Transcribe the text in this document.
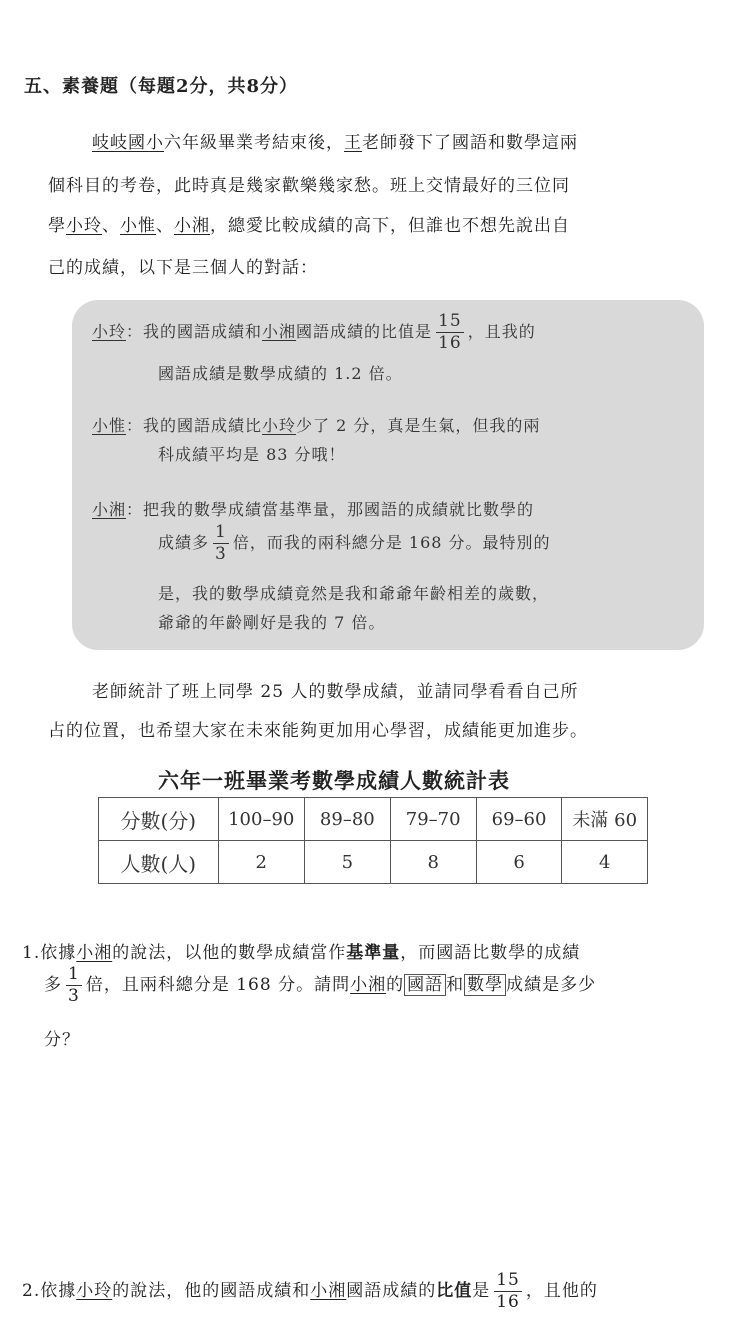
五、素養題（每題2分，共8分）
岐岐國小六年級畢業考結束後，王老師發下了國語和數學這兩
個科目的考卷，此時真是幾家歡樂幾家愁。班上交情最好的三位同
學小玲、小惟、小湘，總愛比較成績的高下，但誰也不想先說出自
己的成績，以下是三個人的對話：
小玲：我的國語成績和小湘國語成績的比值是 $\frac{15}{16}$ ，且我的
國語成績是數學成績的 1.2 倍。
小惟：我的國語成績比小玲少了 2 分，真是生氣，但我的兩
科成績平均是 83 分哦！
小湘：把我的數學成績當基準量，那國語的成績就比數學的
成績多 $\frac{1}{3}$ 倍，而我的兩科總分是 168 分。最特別的
是，我的數學成績竟然是我和爺爺年齡相差的歲數，
爺爺的年齡剛好是我的 7 倍。
老師統計了班上同學 25 人的數學成績，並請同學看看自己所
占的位置，也希望大家在未來能夠更加用心學習，成績能更加進步。
六年一班畢業考數學成績人數統計表
分數(分)	100–90	89–80	79–70	69–60	未滿 60
人數(人)	2	5	8	6	4
1.依據小湘的說法，以他的數學成績當作基準量，而國語比數學的成績
多 $\frac{1}{3}$ 倍，且兩科總分是 168 分。請問小湘的 國語 和 數學 成績是多少
分？
2.依據小玲的說法，他的國語成績和小湘國語成績的比值是 $\frac{15}{16}$ ，且他的
